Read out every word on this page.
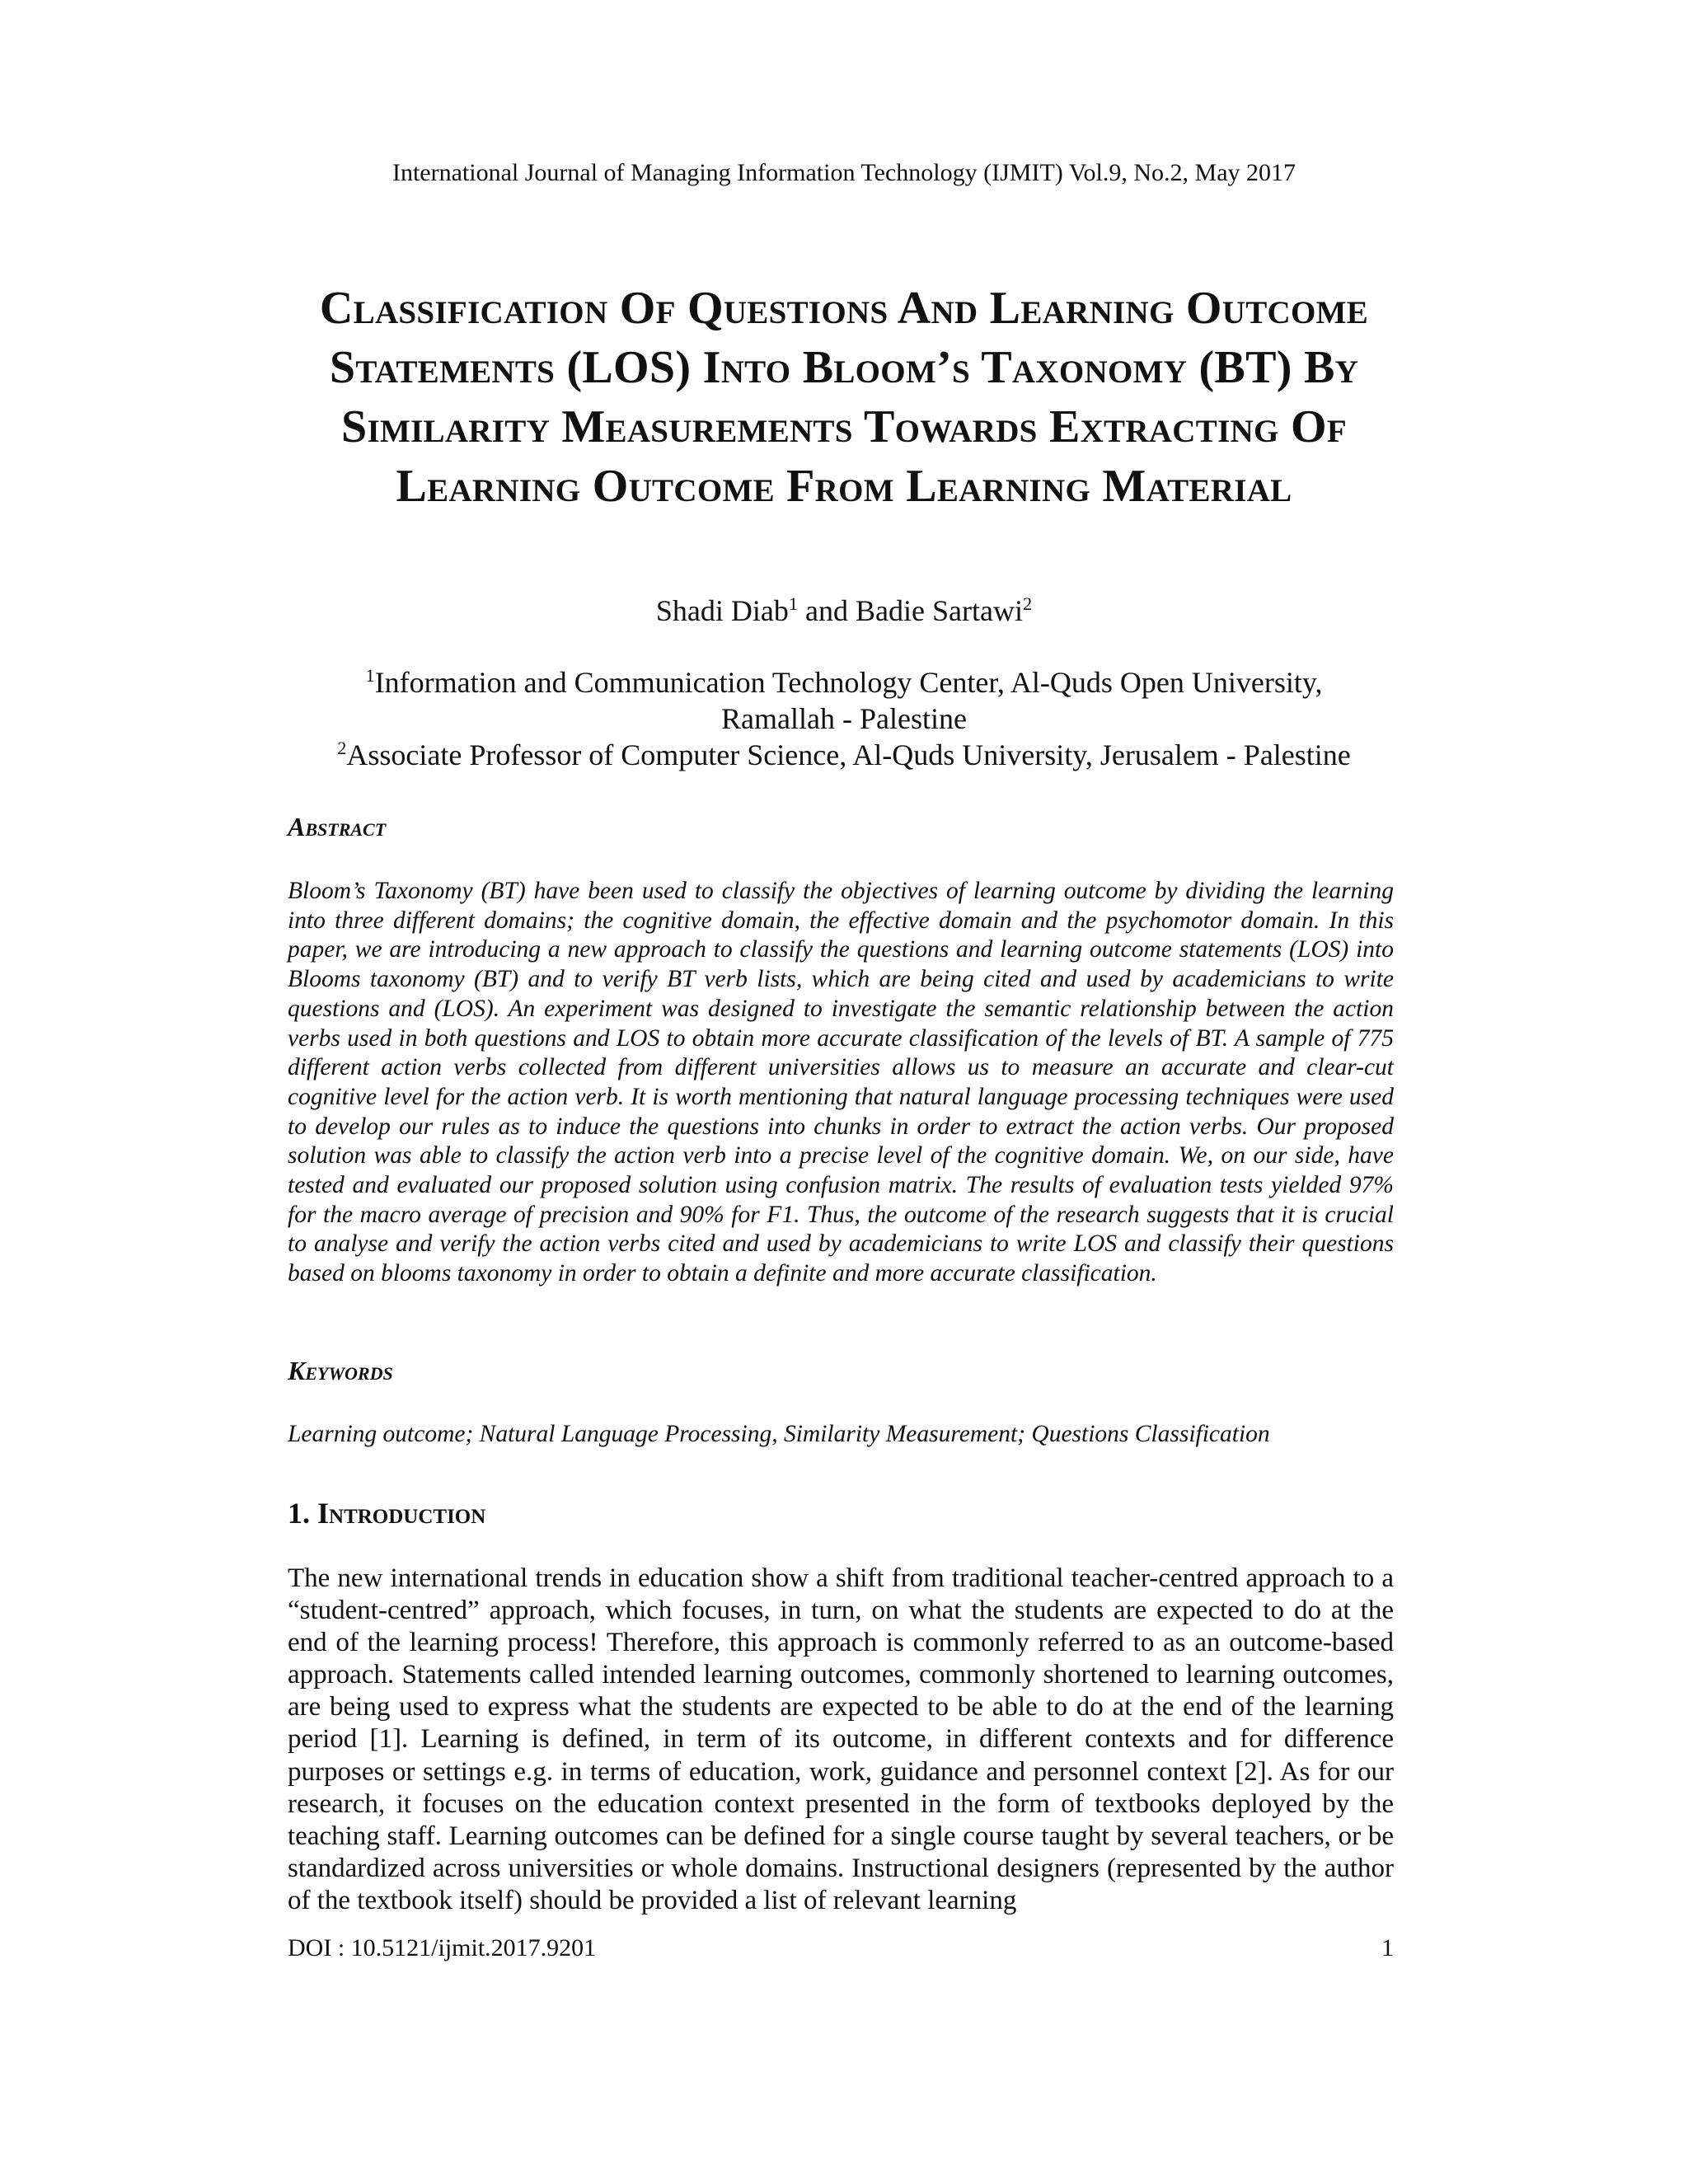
International Journal of Managing Information Technology (IJMIT) Vol.9, No.2, May 2017
Classification Of Questions And Learning Outcome Statements (LOS) Into Bloom’s Taxonomy (BT) By Similarity Measurements Towards Extracting Of Learning Outcome From Learning Material
Shadi Diab$^1$ and Badie Sartawi$^2$
$^1$Information and Communication Technology Center, Al-Quds Open University,
Ramallah - Palestine
$^2$Associate Professor of Computer Science, Al-Quds University, Jerusalem - Palestine
Abstract

Bloom’s Taxonomy (BT) have been used to classify the objectives of learning outcome by dividing the learning into three different domains; the cognitive domain, the effective domain and the psychomotor domain. In this paper, we are introducing a new approach to classify the questions and learning outcome statements (LOS) into Blooms taxonomy (BT) and to verify BT verb lists, which are being cited and used by academicians to write questions and (LOS). An experiment was designed to investigate the semantic relationship between the action verbs used in both questions and LOS to obtain more accurate classification of the levels of BT. A sample of 775 different action verbs collected from different universities allows us to measure an accurate and clear-cut cognitive level for the action verb. It is worth mentioning that natural language processing techniques were used to develop our rules as to induce the questions into chunks in order to extract the action verbs. Our proposed solution was able to classify the action verb into a precise level of the cognitive domain. We, on our side, have tested and evaluated our proposed solution using confusion matrix. The results of evaluation tests yielded 97% for the macro average of precision and 90% for F1. Thus, the outcome of the research suggests that it is crucial to analyse and verify the action verbs cited and used by academicians to write LOS and classify their questions based on blooms taxonomy in order to obtain a definite and more accurate classification.

Keywords

Learning outcome; Natural Language Processing, Similarity Measurement; Questions Classification

1. Introduction

The new international trends in education show a shift from traditional teacher-centred approach to a “student-centred” approach, which focuses, in turn, on what the students are expected to do at the end of the learning process! Therefore, this approach is commonly referred to as an outcome-based approach. Statements called intended learning outcomes, commonly shortened to learning outcomes, are being used to express what the students are expected to be able to do at the end of the learning period [1]. Learning is defined, in term of its outcome, in different contexts and for difference purposes or settings e.g. in terms of education, work, guidance and personnel context [2]. As for our research, it focuses on the education context presented in the form of textbooks deployed by the teaching staff. Learning outcomes can be defined for a single course taught by several teachers, or be standardized across universities or whole domains. Instructional designers (represented by the author of the textbook itself) should be provided a list of relevant learning

DOI : 10.5121/ijmit.2017.9201	1
